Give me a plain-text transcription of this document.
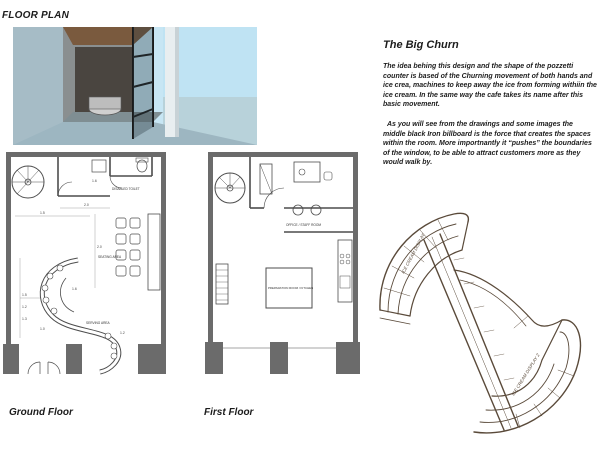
FLOOR PLAN
DISABLED TOILET
SEATING AREA
SERVING AREA
1.6
2.0
1.5
2.0
1.5
1.2
1.3
1.6
1.0
1.2
OFFICE / STAFF ROOM
PREPARATION ROOM / KITCHEN
The Big Churn
The idea behing this design and the shape of the pozzetti counter is based of the Churning movement of both hands and ice crea, machines to keep away the ice from forming withiin the ice cream. In the same way the cafe takes its name after this basic movement.
As you will see from the drawings and some images the middle black Iron billboard is the force that creates the spaces within the room. More importnantly it “pushes” the boundaries of the window, to be able to attract customers more as they would walk by.
ICE CREAM DISPLAY
ICE CREAM DISPLAY 2
Ground Floor	First Floor
